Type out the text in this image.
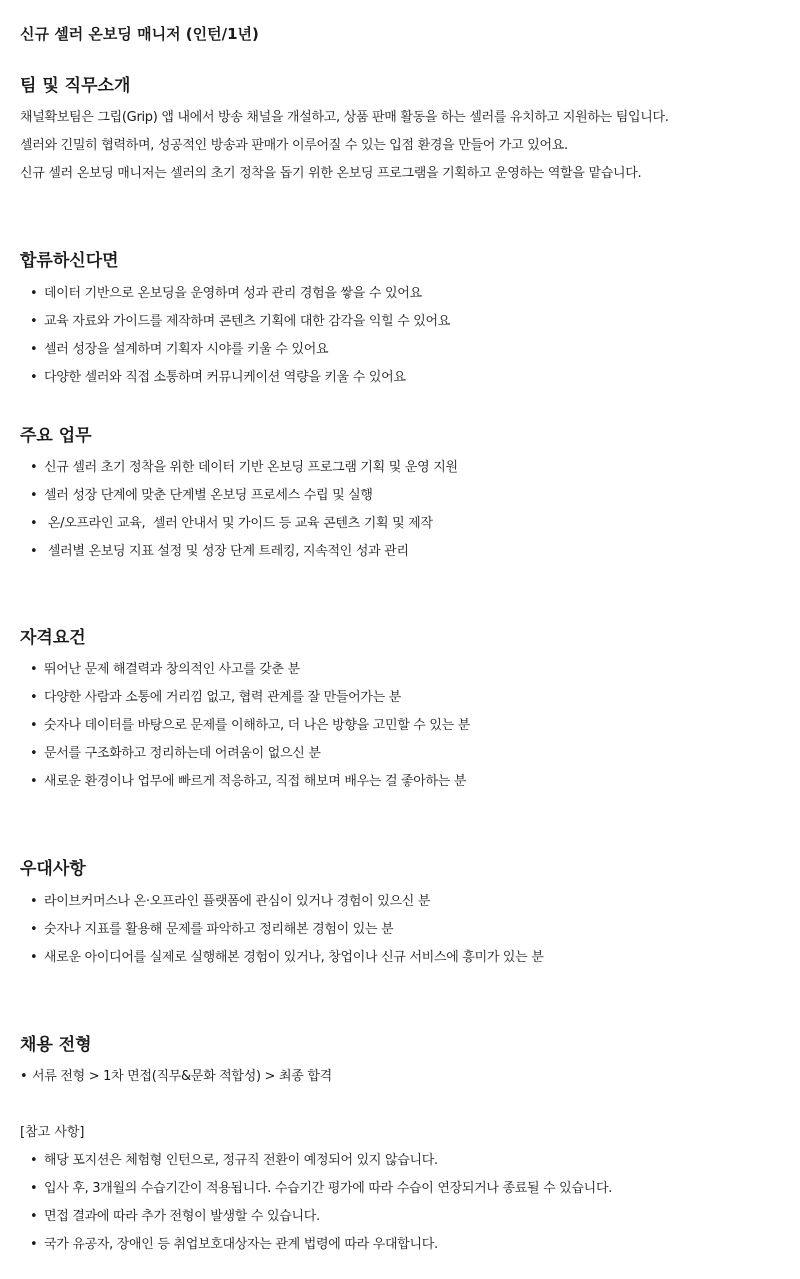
신규 셀러 온보딩 매니저 (인턴/1년)
팀 및 직무소개
채널확보팀은 그립(Grip) 앱 내에서 방송 채널을 개설하고, 상품 판매 활동을 하는 셀러를 유치하고 지원하는 팀입니다.
셀러와 긴밀히 협력하며, 성공적인 방송과 판매가 이루어질 수 있는 입점 환경을 만들어 가고 있어요.
신규 셀러 온보딩 매니저는 셀러의 초기 정착을 돕기 위한 온보딩 프로그램을 기획하고 운영하는 역할을 맡습니다.
합류하신다면
• 데이터 기반으로 온보딩을 운영하며 성과 관리 경험을 쌓을 수 있어요
• 교육 자료와 가이드를 제작하며 콘텐츠 기획에 대한 감각을 익힐 수 있어요
• 셀러 성장을 설계하며 기획자 시야를 키울 수 있어요
• 다양한 셀러와 직접 소통하며 커뮤니케이션 역량을 키울 수 있어요
주요 업무
• 신규 셀러 초기 정착을 위한 데이터 기반 온보딩 프로그램 기획 및 운영 지원
• 셀러 성장 단계에 맞춘 단계별 온보딩 프로세스 수립 및 실행
• 온/오프라인 교육,  셀러 안내서 및 가이드 등 교육 콘텐츠 기획 및 제작
• 셀러별 온보딩 지표 설정 및 성장 단계 트레킹, 지속적인 성과 관리
자격요건
• 뛰어난 문제 해결력과 창의적인 사고를 갖춘 분
• 다양한 사람과 소통에 거리낌 없고, 협력 관계를 잘 만들어가는 분
• 숫자나 데이터를 바탕으로 문제를 이해하고, 더 나은 방향을 고민할 수 있는 분
• 문서를 구조화하고 정리하는데 어려움이 없으신 분
• 새로운 환경이나 업무에 빠르게 적응하고, 직접 해보며 배우는 걸 좋아하는 분
우대사항
• 라이브커머스나 온·오프라인 플랫폼에 관심이 있거나 경험이 있으신 분
• 숫자나 지표를 활용해 문제를 파악하고 정리해본 경험이 있는 분
• 새로운 아이디어를 실제로 실행해본 경험이 있거나, 창업이나 신규 서비스에 흥미가 있는 분
채용 전형
• 서류 전형 > 1차 면접(직무&문화 적합성) > 최종 합격
[참고 사항]
• 해당 포지션은 체험형 인턴으로, 정규직 전환이 예정되어 있지 않습니다.
• 입사 후, 3개월의 수습기간이 적용됩니다. 수습기간 평가에 따라 수습이 연장되거나 종료될 수 있습니다.
• 면접 결과에 따라 추가 전형이 발생할 수 있습니다.
• 국가 유공자, 장애인 등 취업보호대상자는 관계 법령에 따라 우대합니다.
